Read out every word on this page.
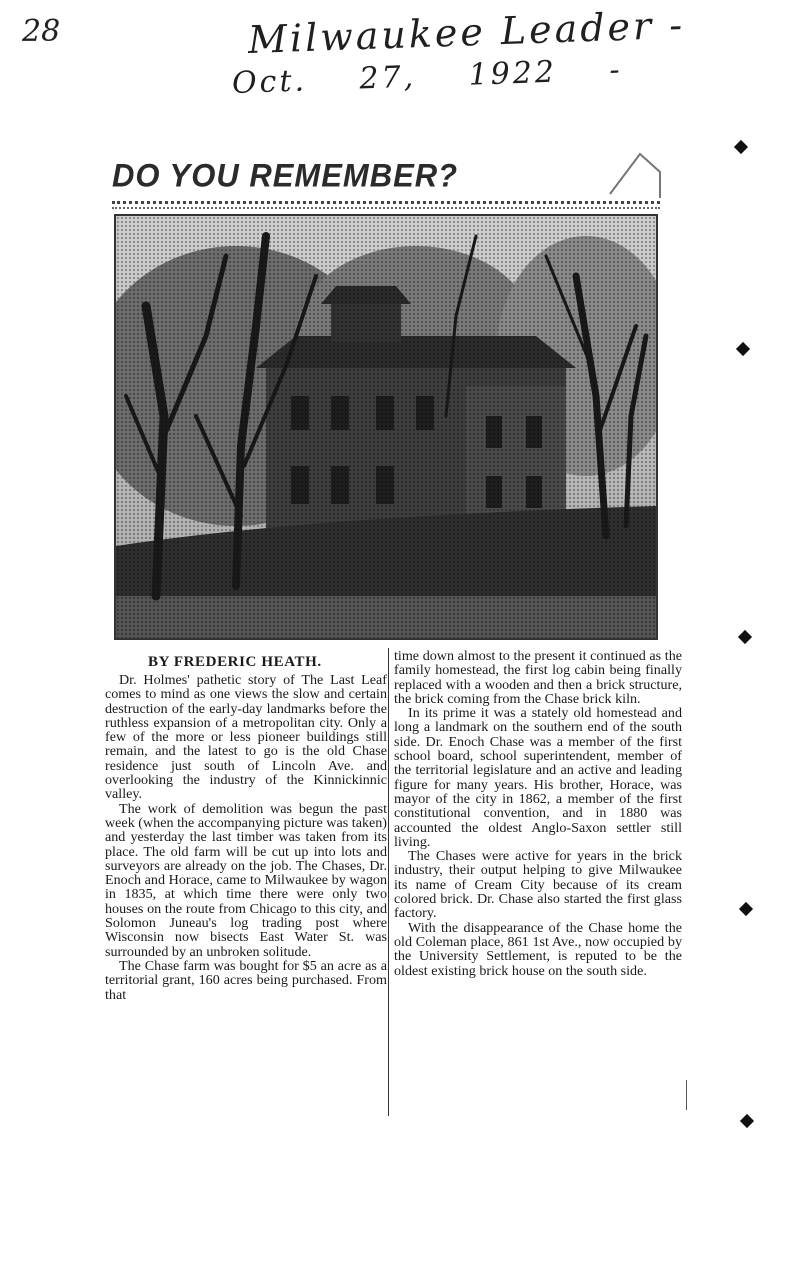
28	Milwaukee Leader -
Oct. 27, 1922 -
DO YOU REMEMBER?
BY FREDERIC HEATH.

Dr. Holmes' pathetic story of The Last Leaf comes to mind as one views the slow and certain destruction of the early-day landmarks before the ruthless expansion of a metropolitan city. Only a few of the more or less pioneer buildings still remain, and the latest to go is the old Chase residence just south of Lincoln Ave. and overlooking the industry of the Kinnickinnic valley.

The work of demolition was begun the past week (when the accompanying picture was taken) and yesterday the last timber was taken from its place. The old farm will be cut up into lots and surveyors are already on the job. The Chases, Dr. Enoch and Horace, came to Milwaukee by wagon in 1835, at which time there were only two houses on the route from Chicago to this city, and Solomon Juneau's log trading post where Wisconsin now bisects East Water St. was surrounded by an unbroken solitude.

The Chase farm was bought for $5 an acre as a territorial grant, 160 acres being purchased. From that

time down almost to the present it continued as the family homestead, the first log cabin being finally replaced with a wooden and then a brick structure, the brick coming from the Chase brick kiln.

In its prime it was a stately old homestead and long a landmark on the southern end of the south side. Dr. Enoch Chase was a member of the first school board, school superintendent, member of the territorial legislature and an active and leading figure for many years. His brother, Horace, was mayor of the city in 1862, a member of the first constitutional convention, and in 1880 was accounted the oldest Anglo-Saxon settler still living.

The Chases were active for years in the brick industry, their output helping to give Milwaukee its name of Cream City because of its cream colored brick. Dr. Chase also started the first glass factory.

With the disappearance of the Chase home the old Coleman place, 861 1st Ave., now occupied by the University Settlement, is reputed to be the oldest existing brick house on the south side.
